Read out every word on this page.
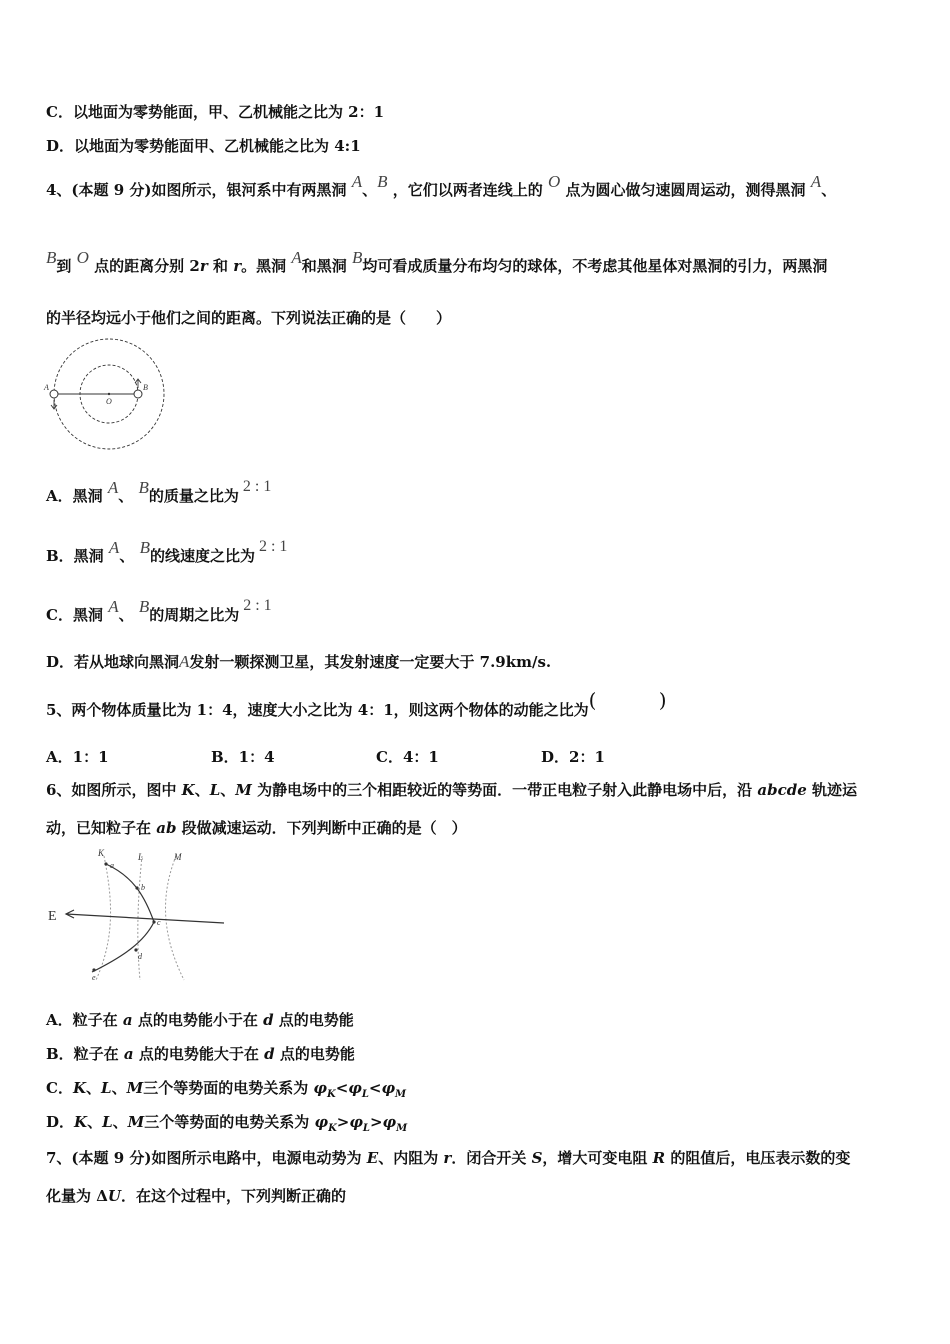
C．以地面为零势能面，甲、乙机械能之比为 2：1
D．以地面为零势能面甲、乙机械能之比为 4:1
4、(本题 9 分)如图所示，银河系中有两黑洞 A、B ，它们以两者连线上的 O 点为圆心做匀速圆周运动，测得黑洞 A、
B到 O 点的距离分别 2r 和 r。黑洞 A和黑洞 B均可看成质量分布均匀的球体，不考虑其他星体对黑洞的引力，两黑洞
的半径均远小于他们之间的距离。下列说法正确的是（　　）
A	B
O
A．黑洞 A、 B的质量之比为2 : 1
B．黑洞 A、 B的线速度之比为2 : 1
C．黑洞 A、 B的周期之比为2 : 1
D．若从地球向黑洞A发射一颗探测卫星，其发射速度一定要大于 7.9km/s.
5、两个物体质量比为 1：4，速度大小之比为 4：1，则这两个物体的动能之比为( )
A．1：1	B．1：4	C．4：1	D．2：1
6、如图所示，图中 K、L、M 为静电场中的三个相距较近的等势面．一带正电粒子射入此静电场中后，沿 abcde 轨迹运
动，已知粒子在 ab 段做减速运动．下列判断中正确的是（　）
E
K	L	M
a
b
c
d
e
A．粒子在 a 点的电势能小于在 d 点的电势能
B．粒子在 a 点的电势能大于在 d 点的电势能
C．K、L、M三个等势面的电势关系为 $\varphi_K<\varphi_L<\varphi_M$
D．K、L、M三个等势面的电势关系为 $\varphi_K>\varphi_L>\varphi_M$
7、(本题 9 分)如图所示电路中，电源电动势为 E、内阻为 r．闭合开关 S，增大可变电阻 R 的阻值后，电压表示数的变
化量为 ΔU．在这个过程中，下列判断正确的
